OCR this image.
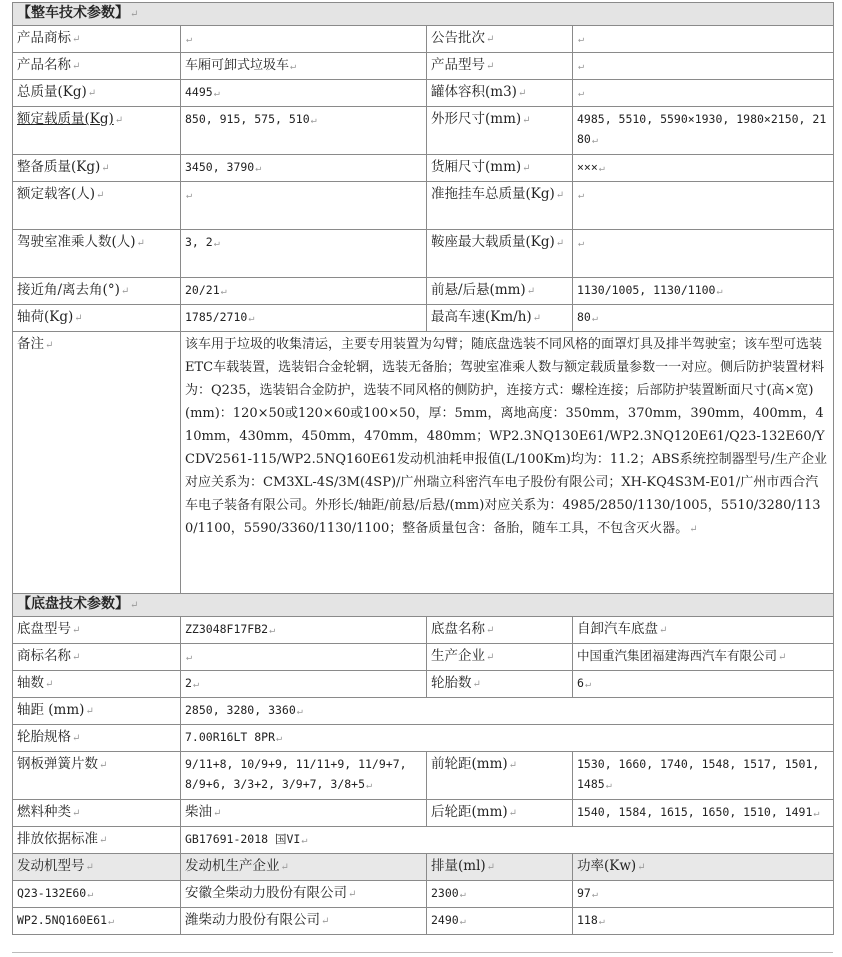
【整车技术参数】↵			
产品商标↵	↵	公告批次↵	↵
产品名称↵	车厢可卸式垃圾车↵	产品型号↵	↵
总质量(Kg)↵	4495↵	罐体容积(m3)↵	↵
额定载质量(Kg)↵	850, 915, 575, 510↵	外形尺寸(mm)↵	4985, 5510, 5590×1930, 1980×2150, 2180↵
整备质量(Kg)↵	3450, 3790↵	货厢尺寸(mm)↵	×××↵
额定载客(人)↵	↵	准拖挂车总质量(Kg)↵	↵
驾驶室准乘人数(人)↵	3, 2↵	鞍座最大载质量(Kg)↵	↵
接近角/离去角(°)↵	20/21↵	前悬/后悬(mm)↵	1130/1005, 1130/1100↵
轴荷(Kg)↵	1785/2710↵	最高车速(Km/h)↵	80↵
备注↵	该车用于垃圾的收集清运，主要专用装置为勾臂；随底盘选装不同风格的面罩灯具及排半驾驶室；该车型可选装ETC车载装置，选装铝合金轮辋，选装无备胎；驾驶室准乘人数与额定载质量参数一一对应。侧后防护装置材料为：Q235，选装铝合金防护，选装不同风格的侧防护，连接方式：螺栓连接；后部防护装置断面尺寸(高×宽)(mm)：120×50或120×60或100×50，厚：5mm，离地高度：350mm，370mm，390mm，400mm，410mm，430mm，450mm，470mm，480mm；WP2.3NQ130E61/WP2.3NQ120E61/Q23-132E60/YCDV2561-115/WP2.5NQ160E61发动机油耗申报值(L/100Km)均为：11.2；ABS系统控制器型号/生产企业对应关系为：CM3XL-4S/3M(4SP)/广州瑞立科密汽车电子股份有限公司；XH-KQ4S3M-E01/广州市西合汽车电子装备有限公司。外形长/轴距/前悬/后悬/(mm)对应关系为：4985/2850/1130/1005，5510/3280/1130/1100，5590/3360/1130/1100；整备质量包含：备胎，随车工具，不包含灭火器。↵		
【底盘技术参数】↵			
底盘型号↵	ZZ3048F17FB2↵	底盘名称↵	自卸汽车底盘↵
商标名称↵	↵	生产企业↵	中国重汽集团福建海西汽车有限公司↵
轴数↵	2↵	轮胎数↵	6↵
轴距 (mm)↵	2850, 3280, 3360↵		
轮胎规格↵	7.00R16LT 8PR↵		
钢板弹簧片数↵	9/11+8, 10/9+9, 11/11+9, 11/9+7, 8/9+6, 3/3+2, 3/9+7, 3/8+5↵	前轮距(mm)↵	1530, 1660, 1740, 1548, 1517, 1501, 1485↵
燃料种类↵	柴油↵	后轮距(mm)↵	1540, 1584, 1615, 1650, 1510, 1491↵
排放依据标准↵	GB17691-2018 国VI↵		
发动机型号↵	发动机生产企业↵	排量(ml)↵	功率(Kw)↵
Q23-132E60↵	安徽全柴动力股份有限公司↵	2300↵	97↵
WP2.5NQ160E61↵	潍柴动力股份有限公司↵	2490↵	118↵
